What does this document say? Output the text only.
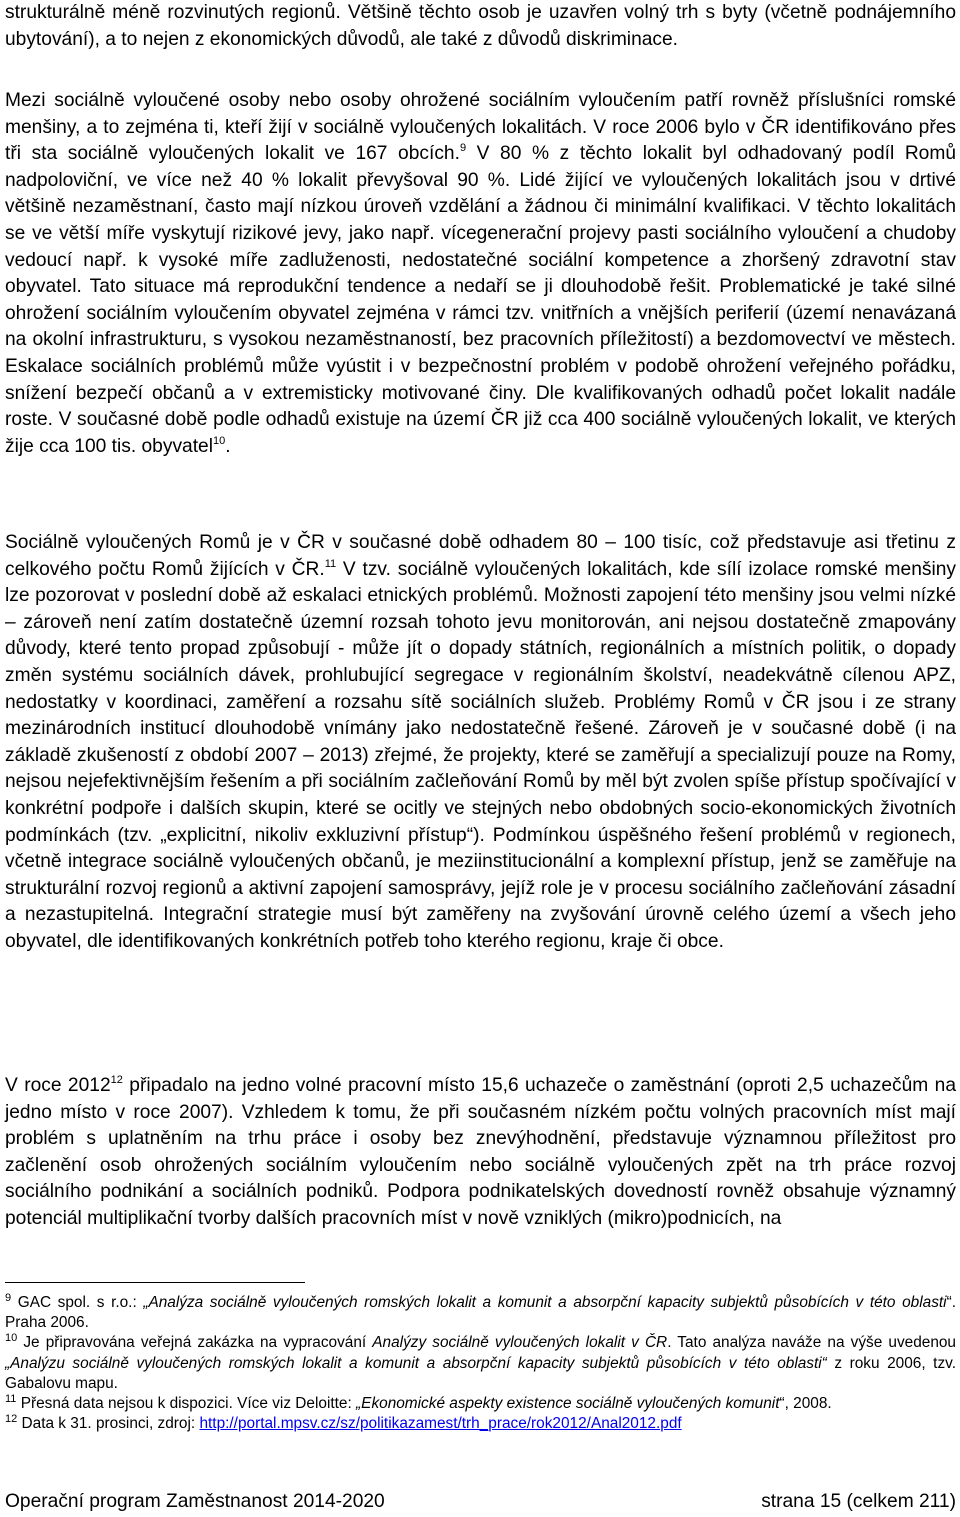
strukturálně méně rozvinutých regionů. Většině těchto osob je uzavřen volný trh s byty (včetně podnájemního ubytování), a to nejen z ekonomických důvodů, ale také z důvodů diskriminace.

Mezi sociálně vyloučené osoby nebo osoby ohrožené sociálním vyloučením patří rovněž příslušníci romské menšiny, a to zejména ti, kteří žijí v sociálně vyloučených lokalitách. V roce 2006 bylo v ČR identifikováno přes tři sta sociálně vyloučených lokalit ve 167 obcích.$^9$ V 80 % z těchto lokalit byl odhadovaný podíl Romů nadpoloviční, ve více než 40 % lokalit převyšoval 90 %. Lidé žijící ve vyloučených lokalitách jsou v drtivé většině nezaměstnaní, často mají nízkou úroveň vzdělání a žádnou či minimální kvalifikaci. V těchto lokalitách se ve větší míře vyskytují rizikové jevy, jako např. vícegenerační projevy pasti sociálního vyloučení a chudoby vedoucí např. k vysoké míře zadluženosti, nedostatečné sociální kompetence a zhoršený zdravotní stav obyvatel. Tato situace má reprodukční tendence a nedaří se ji dlouhodobě řešit. Problematické je také silné ohrožení sociálním vyloučením obyvatel zejména v rámci tzv. vnitřních a vnějších periferií (území nenavázaná na okolní infrastrukturu, s vysokou nezaměstnaností, bez pracovních příležitostí) a bezdomovectví ve městech. Eskalace sociálních problémů může vyústit i v bezpečnostní problém v podobě ohrožení veřejného pořádku, snížení bezpečí občanů a v extremisticky motivované činy. Dle kvalifikovaných odhadů počet lokalit nadále roste. V současné době podle odhadů existuje na území ČR již cca 400 sociálně vyloučených lokalit, ve kterých žije cca 100 tis. obyvatel$^{10}$.

Sociálně vyloučených Romů je v ČR v současné době odhadem 80 – 100 tisíc, což představuje asi třetinu z celkového počtu Romů žijících v ČR.$^{11}$ V tzv. sociálně vyloučených lokalitách, kde sílí izolace romské menšiny lze pozorovat v poslední době až eskalaci etnických problémů. Možnosti zapojení této menšiny jsou velmi nízké – zároveň není zatím dostatečně územní rozsah tohoto jevu monitorován, ani nejsou dostatečně zmapovány důvody, které tento propad způsobují - může jít o dopady státních, regionálních a místních politik, o dopady změn systému sociálních dávek, prohlubující segregace v regionálním školství, neadekvátně cílenou APZ, nedostatky v koordinaci, zaměření a rozsahu sítě sociálních služeb. Problémy Romů v ČR jsou i ze strany mezinárodních institucí dlouhodobě vnímány jako nedostatečně řešené. Zároveň je v současné době (i na základě zkušeností z období 2007 – 2013) zřejmé, že projekty, které se zaměřují a specializují pouze na Romy, nejsou nejefektivnějším řešením a při sociálním začleňování Romů by měl být zvolen spíše přístup spočívající v konkrétní podpoře i dalších skupin, které se ocitly ve stejných nebo obdobných socio-ekonomických životních podmínkách (tzv. „explicitní, nikoliv exkluzivní přístup“). Podmínkou úspěšného řešení problémů v regionech, včetně integrace sociálně vyloučených občanů, je meziinstitucionální a komplexní přístup, jenž se zaměřuje na strukturální rozvoj regionů a aktivní zapojení samosprávy, jejíž role je v procesu sociálního začleňování zásadní a nezastupitelná. Integrační strategie musí být zaměřeny na zvyšování úrovně celého území a všech jeho obyvatel, dle identifikovaných konkrétních potřeb toho kterého regionu, kraje či obce.

V roce 2012$^{12}$ připadalo na jedno volné pracovní místo 15,6 uchazeče o zaměstnání (oproti 2,5 uchazečům na jedno místo v roce 2007). Vzhledem k tomu, že při současném nízkém počtu volných pracovních míst mají problém s uplatněním na trhu práce i osoby bez znevýhodnění, představuje významnou příležitost pro začlenění osob ohrožených sociálním vyloučením nebo sociálně vyloučených zpět na trh práce rozvoj sociálního podnikání a sociálních podniků. Podpora podnikatelských dovedností rovněž obsahuje významný potenciál multiplikační tvorby dalších pracovních míst v nově vzniklých (mikro)podnicích, na

$^9$ GAC spol. s r.o.: „Analýza sociálně vyloučených romských lokalit a komunit a absorpční kapacity subjektů působících v této oblasti“. Praha 2006.

$^{10}$ Je připravována veřejná zakázka na vypracování Analýzy sociálně vyloučených lokalit v ČR. Tato analýza naváže na výše uvedenou „Analýzu sociálně vyloučených romských lokalit a komunit a absorpční kapacity subjektů působících v této oblasti“ z roku 2006, tzv. Gabalovu mapu.

$^{11}$ Přesná data nejsou k dispozici. Více viz Deloitte: „Ekonomické aspekty existence sociálně vyloučených komunit“, 2008.

$^{12}$ Data k 31. prosinci, zdroj: http://portal.mpsv.cz/sz/politikazamest/trh_prace/rok2012/Anal2012.pdf

Operační program Zaměstnanost 2014-2020	strana 15 (celkem 211)
